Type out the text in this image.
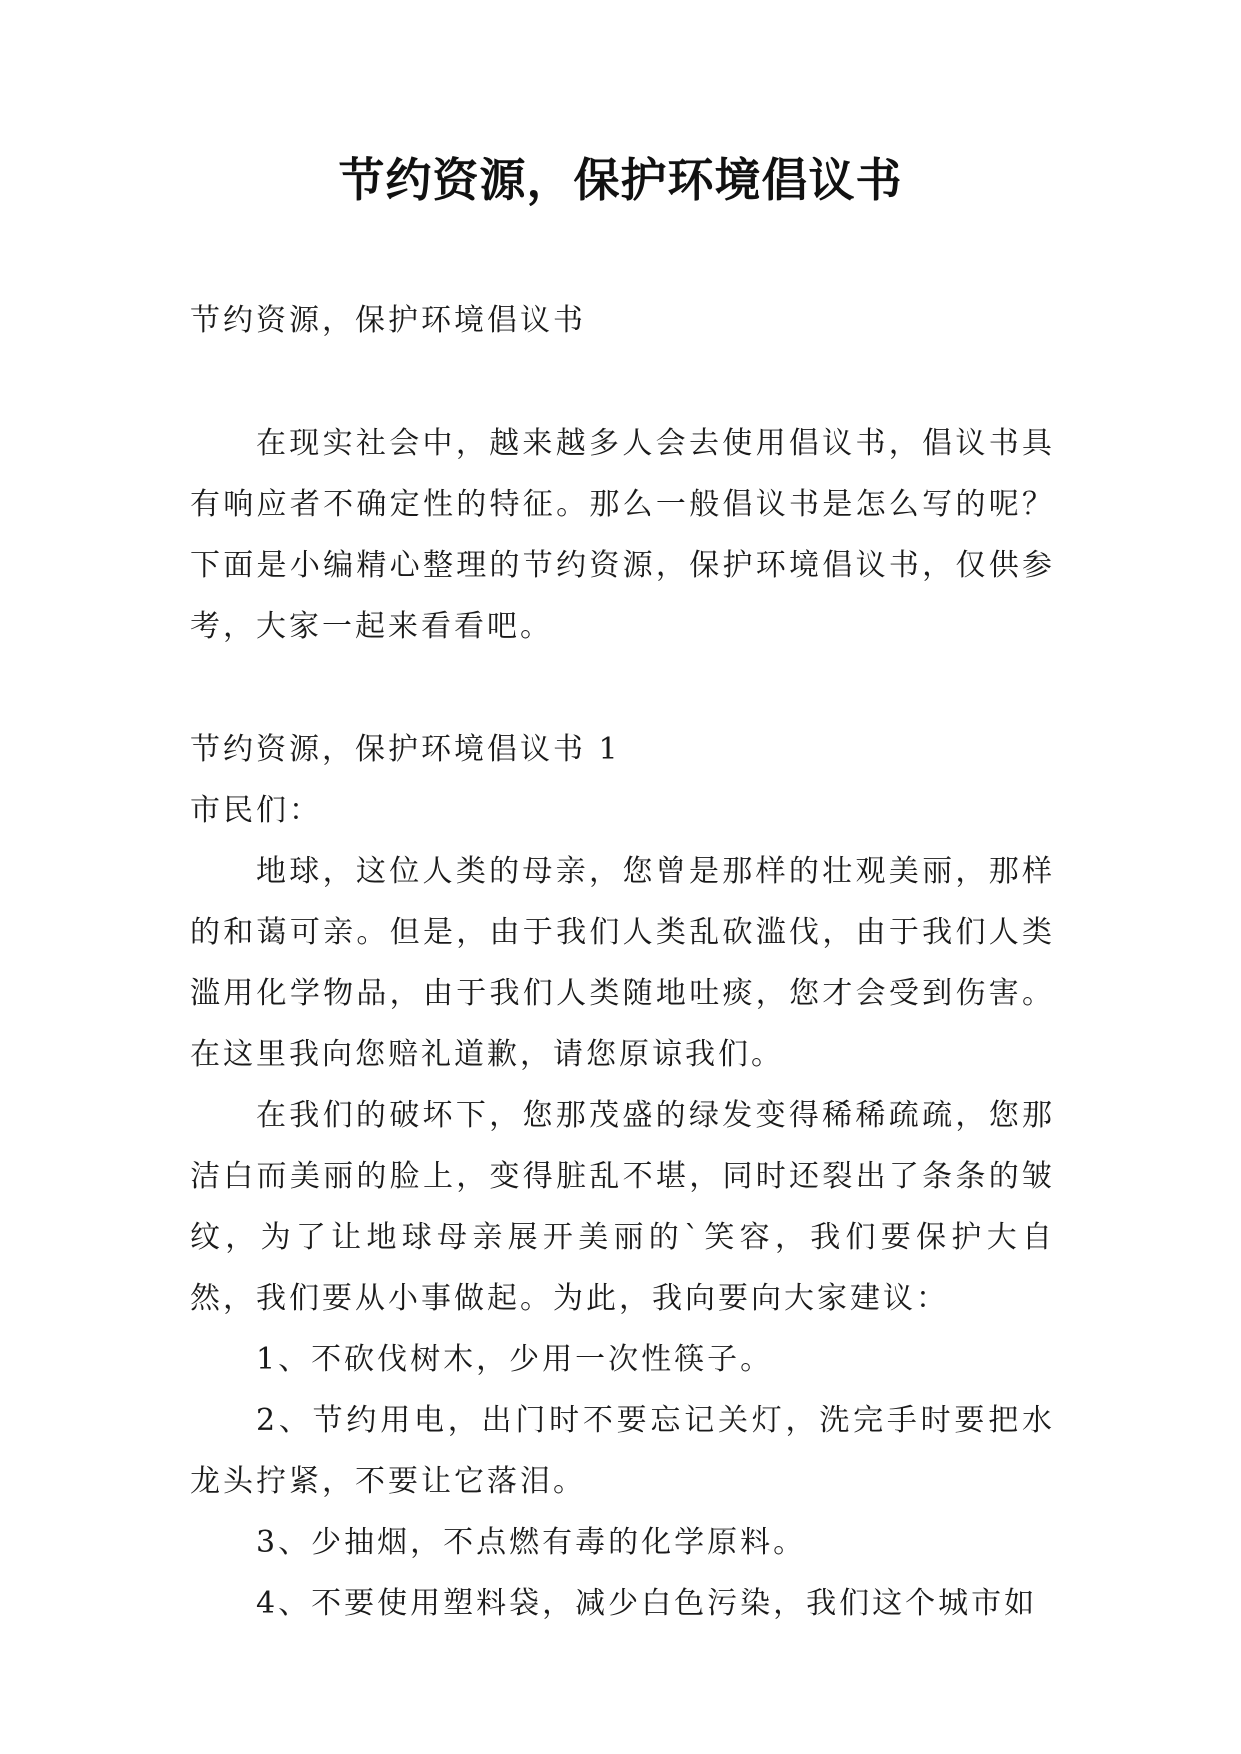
节约资源，保护环境倡议书

节约资源，保护环境倡议书

在现实社会中，越来越多人会去使用倡议书，倡议书具有响应者不确定性的特征。那么一般倡议书是怎么写的呢？下面是小编精心整理的节约资源，保护环境倡议书，仅供参考，大家一起来看看吧。

节约资源，保护环境倡议书 1

市民们：

地球，这位人类的母亲，您曾是那样的壮观美丽，那样的和蔼可亲。但是，由于我们人类乱砍滥伐，由于我们人类滥用化学物品，由于我们人类随地吐痰，您才会受到伤害。在这里我向您赔礼道歉，请您原谅我们。

在我们的破坏下，您那茂盛的绿发变得稀稀疏疏，您那洁白而美丽的脸上，变得脏乱不堪，同时还裂出了条条的皱纹，为了让地球母亲展开美丽的`笑容，我们要保护大自然，我们要从小事做起。为此，我向要向大家建议：

1、不砍伐树木，少用一次性筷子。

2、节约用电，出门时不要忘记关灯，洗完手时要把水龙头拧紧，不要让它落泪。

3、少抽烟，不点燃有毒的化学原料。

4、不要使用塑料袋，减少白色污染，我们这个城市如
